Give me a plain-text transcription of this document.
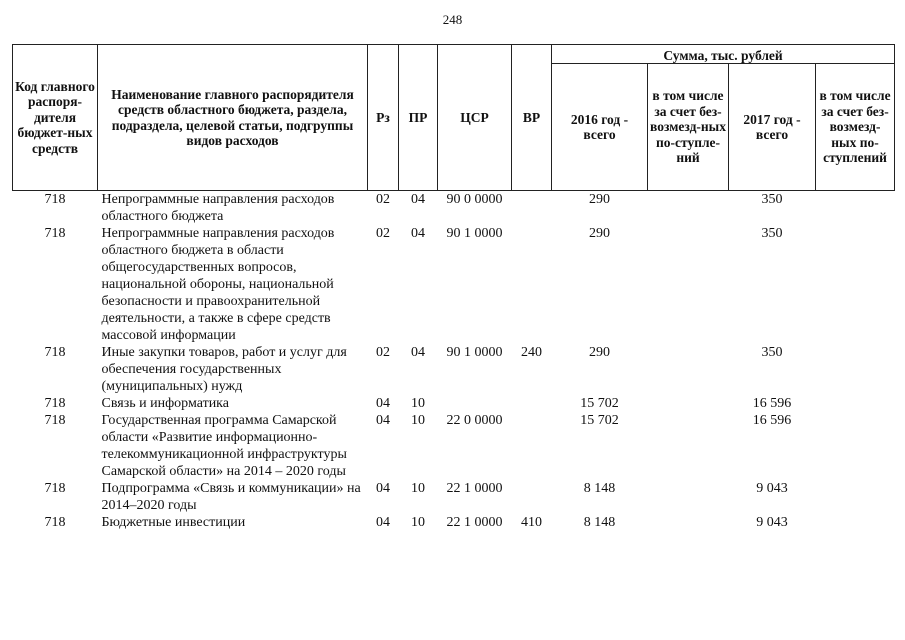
248
Код главного распоря-дителя бюджет-ных средств	Наименование главного распорядителя средств областного бюджета, раздела, подраздела, целевой статьи, подгруппы видов расходов	Рз	ПР	ЦСР	ВР	Сумма, тыс. рублей			
						2016 год - всего	в том числе за счет без-возмезд-ных по-ступле-ний	2017 год - всего	в том числе за счет без-возмезд-ных по-ступлений
718	Непрограммные направления расходов областного бюджета	02	04	90 0 0000		290		350	
718	Непрограммные направления расходов областного бюджета в области общегосударственных вопросов, национальной обороны, национальной безопасности и правоохранительной деятельности, а также в сфере средств массовой информации	02	04	90 1 0000		290		350	
718	Иные закупки товаров, работ и услуг для обеспечения государственных (муниципальных) нужд	02	04	90 1 0000	240	290		350	
718	Связь и информатика	04	10			15 702		16 596	
718	Государственная программа Самарской области «Развитие информационно-телекоммуникационной инфраструктуры Самарской области» на 2014 – 2020 годы	04	10	22 0 0000		15 702		16 596	
718	Подпрограмма «Связь и коммуникации» на 2014–2020 годы	04	10	22 1 0000		8 148		9 043	
718	Бюджетные инвестиции	04	10	22 1 0000	410	8 148		9 043	
